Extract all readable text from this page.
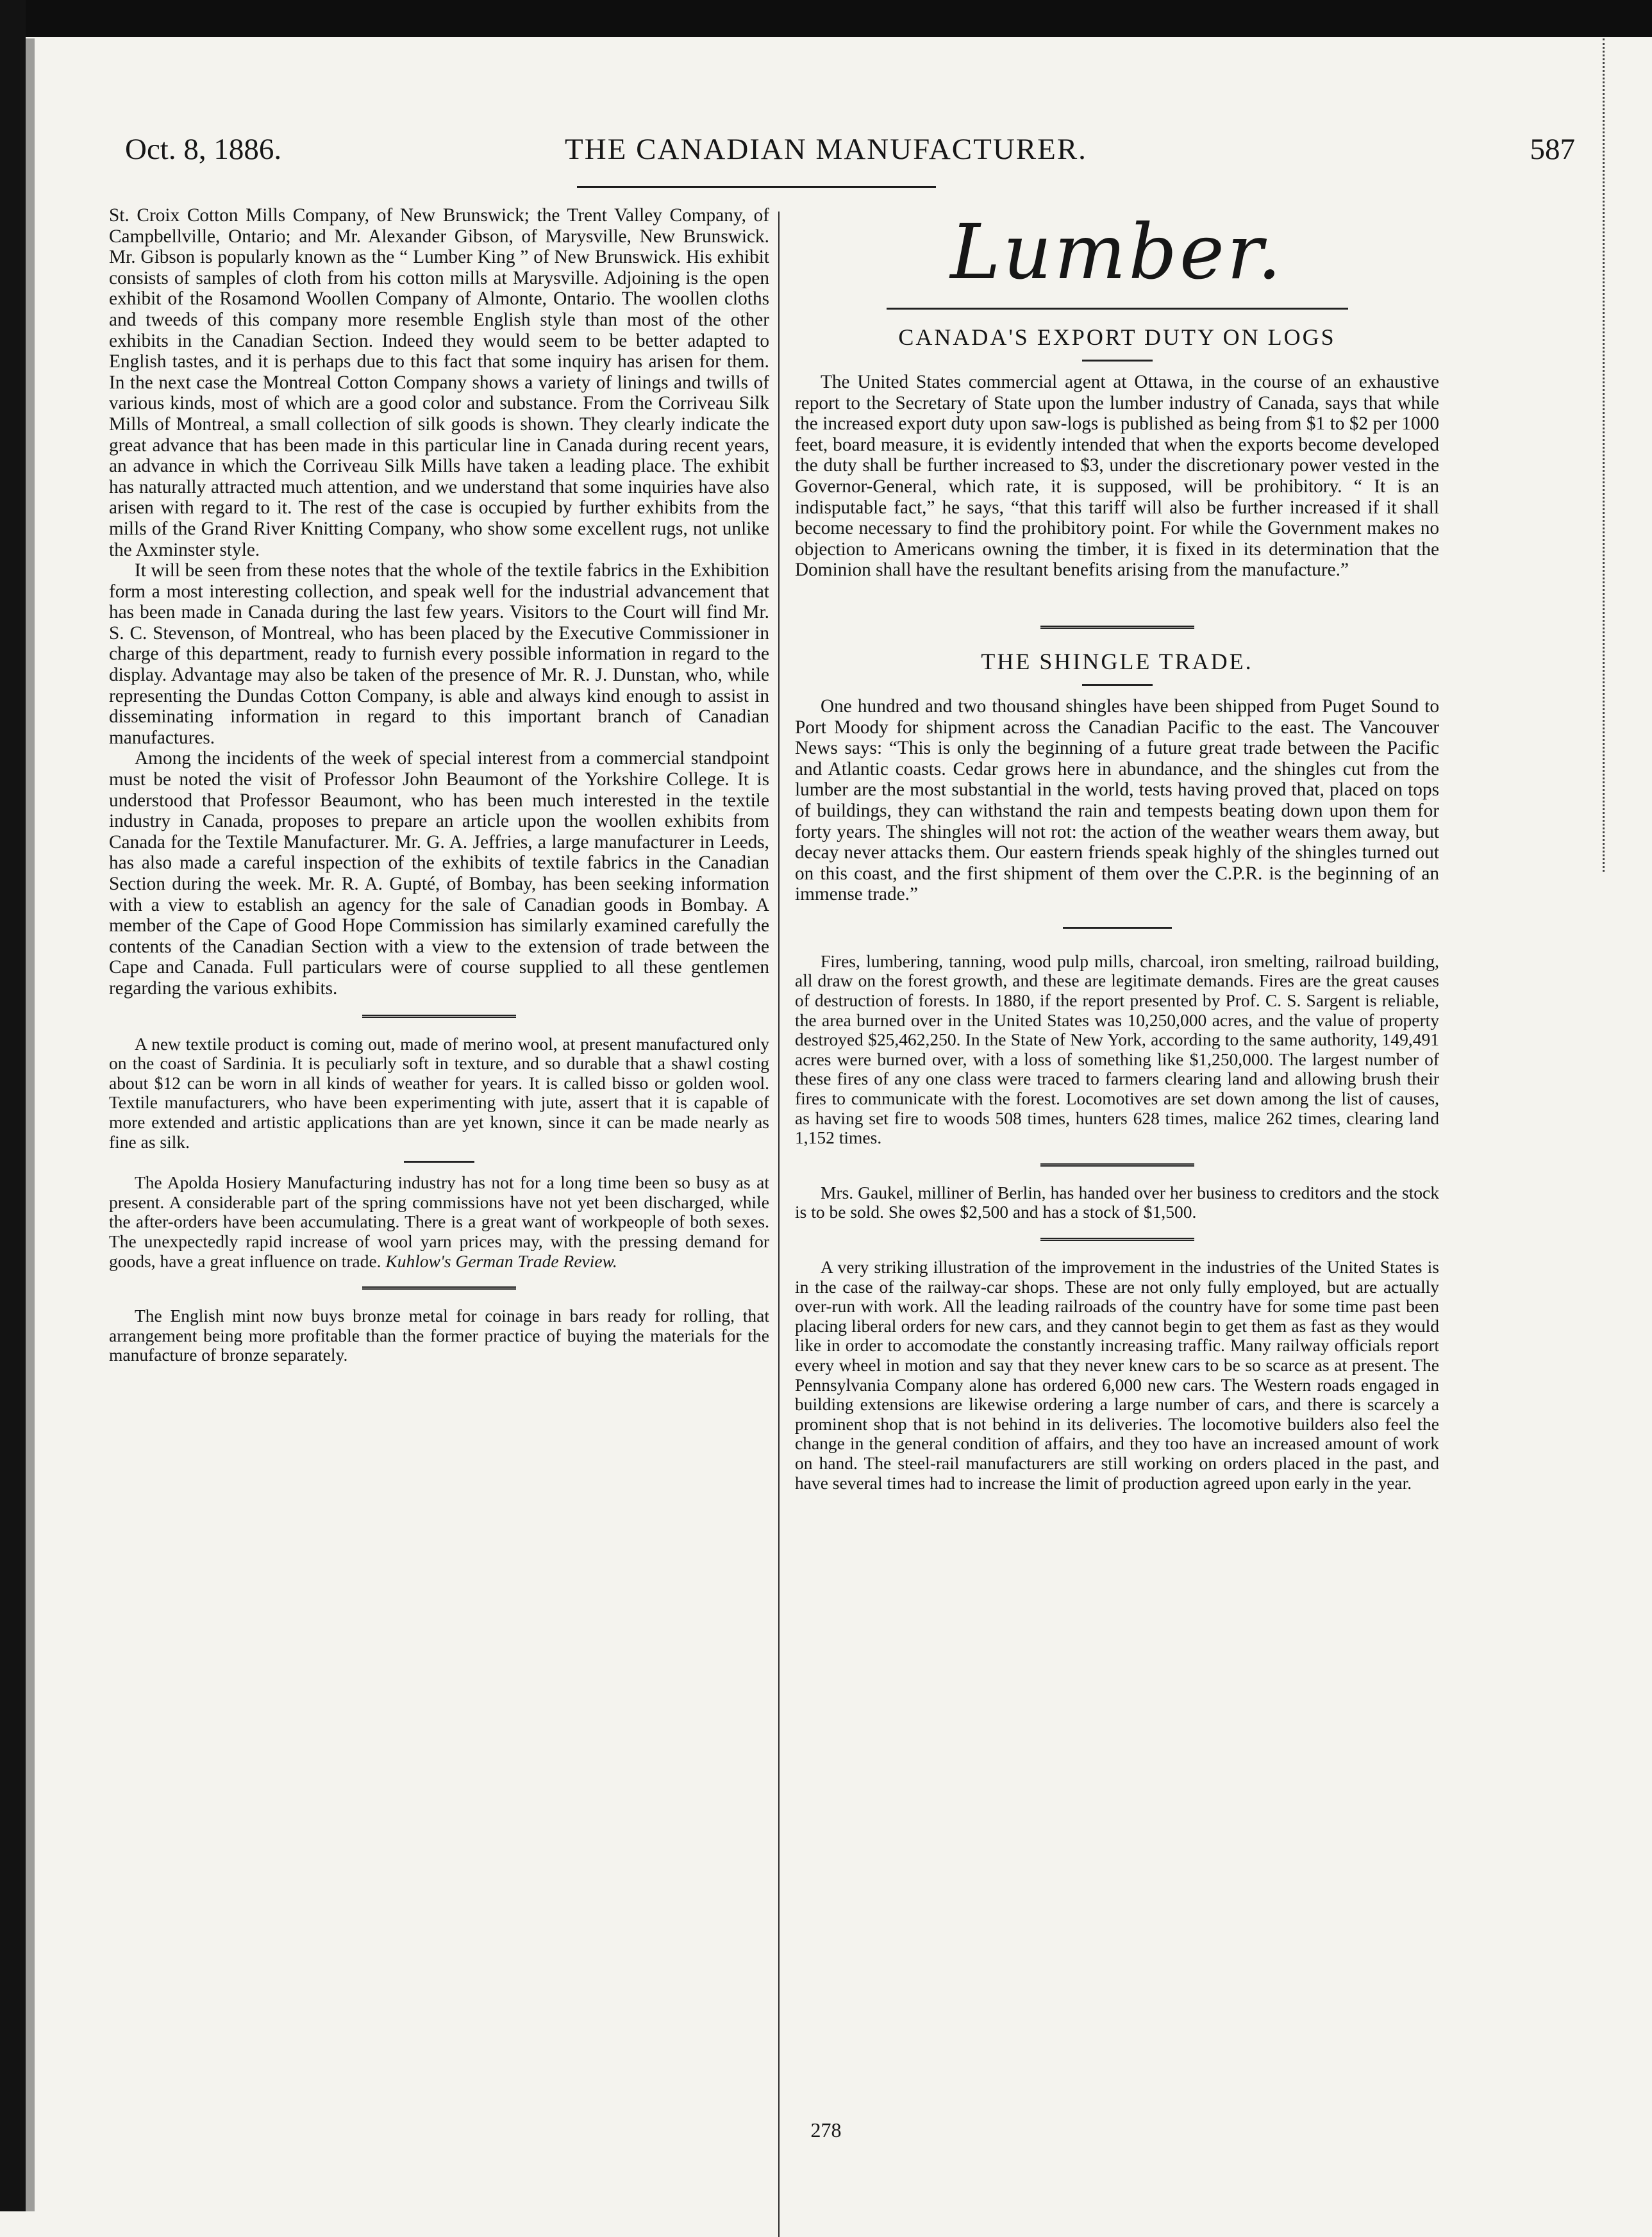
Oct. 8, 1886.	THE CANADIAN MANUFACTURER.	587

St. Croix Cotton Mills Company, of New Brunswick; the Trent Valley Company, of Campbellville, Ontario; and Mr. Alexander Gibson, of Marysville, New Brunswick. Mr. Gibson is popularly known as the “ Lumber King ” of New Brunswick. His exhibit consists of samples of cloth from his cotton mills at Marysville. Adjoining is the open exhibit of the Rosamond Woollen Company of Almonte, Ontario. The woollen cloths and tweeds of this company more resemble English style than most of the other exhibits in the Canadian Section. Indeed they would seem to be better adapted to English tastes, and it is perhaps due to this fact that some inquiry has arisen for them. In the next case the Montreal Cotton Company shows a variety of linings and twills of various kinds, most of which are a good color and substance. From the Corriveau Silk Mills of Montreal, a small collection of silk goods is shown. They clearly indicate the great advance that has been made in this particular line in Canada during recent years, an advance in which the Corriveau Silk Mills have taken a leading place. The exhibit has naturally attracted much attention, and we understand that some inquiries have also arisen with regard to it. The rest of the case is occupied by further exhibits from the mills of the Grand River Knitting Company, who show some excellent rugs, not unlike the Axminster style.

It will be seen from these notes that the whole of the textile fabrics in the Exhibition form a most interesting collection, and speak well for the industrial advancement that has been made in Canada during the last few years. Visitors to the Court will find Mr. S. C. Stevenson, of Montreal, who has been placed by the Executive Commissioner in charge of this department, ready to furnish every possible information in regard to the display. Advantage may also be taken of the presence of Mr. R. J. Dunstan, who, while representing the Dundas Cotton Company, is able and always kind enough to assist in disseminating information in regard to this important branch of Canadian manufactures.

Among the incidents of the week of special interest from a commercial standpoint must be noted the visit of Professor John Beaumont of the Yorkshire College. It is understood that Professor Beaumont, who has been much interested in the textile industry in Canada, proposes to prepare an article upon the woollen exhibits from Canada for the Textile Manufacturer. Mr. G. A. Jeffries, a large manufacturer in Leeds, has also made a careful inspection of the exhibits of textile fabrics in the Canadian Section during the week. Mr. R. A. Gupté, of Bombay, has been seeking information with a view to establish an agency for the sale of Canadian goods in Bombay. A member of the Cape of Good Hope Commission has similarly examined carefully the contents of the Canadian Section with a view to the extension of trade between the Cape and Canada. Full particulars were of course supplied to all these gentlemen regarding the various exhibits.

A new textile product is coming out, made of merino wool, at present manufactured only on the coast of Sardinia. It is peculiarly soft in texture, and so durable that a shawl costing about $12 can be worn in all kinds of weather for years. It is called bisso or golden wool. Textile manufacturers, who have been experimenting with jute, assert that it is capable of more extended and artistic applications than are yet known, since it can be made nearly as fine as silk.

The Apolda Hosiery Manufacturing industry has not for a long time been so busy as at present. A considerable part of the spring commissions have not yet been discharged, while the after-orders have been accumulating. There is a great want of workpeople of both sexes. The unexpectedly rapid increase of wool yarn prices may, with the pressing demand for goods, have a great influence on trade. Kuhlow's German Trade Review.

The English mint now buys bronze metal for coinage in bars ready for rolling, that arrangement being more profitable than the former practice of buying the materials for the manufacture of bronze separately.

Lumber.
CANADA'S EXPORT DUTY ON LOGS

The United States commercial agent at Ottawa, in the course of an exhaustive report to the Secretary of State upon the lumber industry of Canada, says that while the increased export duty upon saw-logs is published as being from $1 to $2 per 1000 feet, board measure, it is evidently intended that when the exports become developed the duty shall be further increased to $3, under the discretionary power vested in the Governor-General, which rate, it is supposed, will be prohibitory. “ It is an indisputable fact,” he says, “that this tariff will also be further increased if it shall become necessary to find the prohibitory point. For while the Government makes no objection to Americans owning the timber, it is fixed in its determination that the Dominion shall have the resultant benefits arising from the manufacture.”

THE SHINGLE TRADE.

One hundred and two thousand shingles have been shipped from Puget Sound to Port Moody for shipment across the Canadian Pacific to the east. The Vancouver News says: “This is only the beginning of a future great trade between the Pacific and Atlantic coasts. Cedar grows here in abundance, and the shingles cut from the lumber are the most substantial in the world, tests having proved that, placed on tops of buildings, they can withstand the rain and tempests beating down upon them for forty years. The shingles will not rot: the action of the weather wears them away, but decay never attacks them. Our eastern friends speak highly of the shingles turned out on this coast, and the first shipment of them over the C.P.R. is the beginning of an immense trade.”

Fires, lumbering, tanning, wood pulp mills, charcoal, iron smelting, railroad building, all draw on the forest growth, and these are legitimate demands. Fires are the great causes of destruction of forests. In 1880, if the report presented by Prof. C. S. Sargent is reliable, the area burned over in the United States was 10,250,000 acres, and the value of property destroyed $25,462,250. In the State of New York, according to the same authority, 149,491 acres were burned over, with a loss of something like $1,250,000. The largest number of these fires of any one class were traced to farmers clearing land and allowing brush their fires to communicate with the forest. Locomotives are set down among the list of causes, as having set fire to woods 508 times, hunters 628 times, malice 262 times, clearing land 1,152 times.

Mrs. Gaukel, milliner of Berlin, has handed over her business to creditors and the stock is to be sold. She owes $2,500 and has a stock of $1,500.

A very striking illustration of the improvement in the industries of the United States is in the case of the railway-car shops. These are not only fully employed, but are actually over-run with work. All the leading railroads of the country have for some time past been placing liberal orders for new cars, and they cannot begin to get them as fast as they would like in order to accomodate the constantly increasing traffic. Many railway officials report every wheel in motion and say that they never knew cars to be so scarce as at present. The Pennsylvania Company alone has ordered 6,000 new cars. The Western roads engaged in building extensions are likewise ordering a large number of cars, and there is scarcely a prominent shop that is not behind in its deliveries. The locomotive builders also feel the change in the general condition of affairs, and they too have an increased amount of work on hand. The steel-rail manufacturers are still working on orders placed in the past, and have several times had to increase the limit of production agreed upon early in the year.

278
